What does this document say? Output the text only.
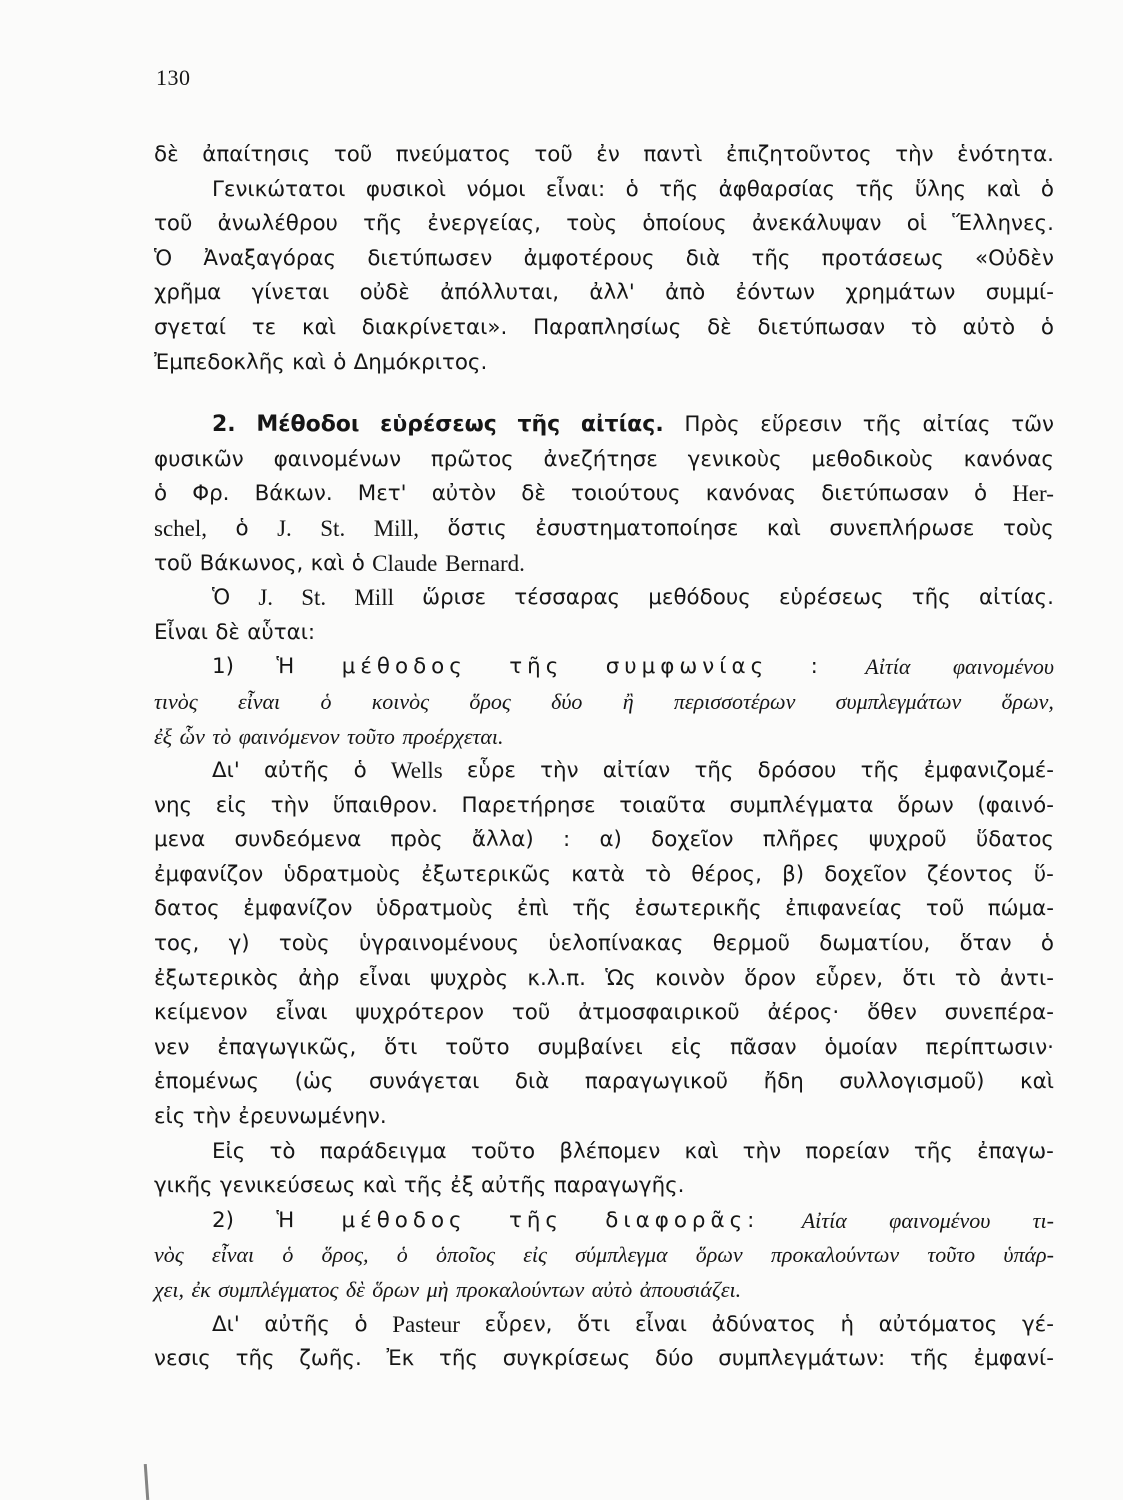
130
δὲ ἀπαίτησις τοῦ πνεύματος τοῦ ἐν παντὶ ἐπιζητοῦντος τὴν ἑνότητα.
Γενικώτατοι φυσικοὶ νόμοι εἶναι: ὁ τῆς ἀφθαρσίας τῆς ὕλης καὶ ὁ
τοῦ ἀνωλέθρου τῆς ἐνεργείας, τοὺς ὁποίους ἀνεκάλυψαν οἱ Ἕλληνες.
Ὁ Ἀναξαγόρας διετύπωσεν ἀμφοτέρους διὰ τῆς προτάσεως «Οὐδὲν
χρῆμα γίνεται οὐδὲ ἀπόλλυται, ἀλλ' ἀπὸ ἐόντων χρημάτων συμμί-
σγεταί τε καὶ διακρίνεται». Παραπλησίως δὲ διετύπωσαν τὸ αὐτὸ ὁ
Ἐμπεδοκλῆς καὶ ὁ Δημόκριτος.
2. Μέθοδοι εὑρέσεως τῆς αἰτίας. Πρὸς εὕρεσιν τῆς αἰτίας τῶν
φυσικῶν φαινομένων πρῶτος ἀνεζήτησε γενικοὺς μεθοδικοὺς κανόνας
ὁ Φρ. Βάκων. Μετ' αὐτὸν δὲ τοιούτους κανόνας διετύπωσαν ὁ Her-
schel, ὁ J. St. Mill, ὅστις ἐσυστηματοποίησε καὶ συνεπλήρωσε τοὺς
τοῦ Βάκωνος, καὶ ὁ Claude Bernard.
Ὁ J. St. Mill ὥρισε τέσσαρας μεθόδους εὑρέσεως τῆς αἰτίας.
Εἶναι δὲ αὗται:
1) Ἡ μέθοδος τῆς συμφωνίας : Αἰτία φαινομένου
τινὸς εἶναι ὁ κοινὸς ὅρος δύο ἢ περισσοτέρων συμπλεγμάτων ὅρων,
ἐξ ὧν τὸ φαινόμενον τοῦτο προέρχεται.
Δι' αὐτῆς ὁ Wells εὗρε τὴν αἰτίαν τῆς δρόσου τῆς ἐμφανιζομέ-
νης εἰς τὴν ὕπαιθρον. Παρετήρησε τοιαῦτα συμπλέγματα ὅρων (φαινό-
μενα συνδεόμενα πρὸς ἄλλα) : α) δοχεῖον πλῆρες ψυχροῦ ὕδατος
ἐμφανίζον ὑδρατμοὺς ἐξωτερικῶς κατὰ τὸ θέρος, β) δοχεῖον ζέοντος ὕ-
δατος ἐμφανίζον ὑδρατμοὺς ἐπὶ τῆς ἐσωτερικῆς ἐπιφανείας τοῦ πώμα-
τος, γ) τοὺς ὑγραινομένους ὑελοπίνακας θερμοῦ δωματίου, ὅταν ὁ
ἐξωτερικὸς ἀὴρ εἶναι ψυχρὸς κ.λ.π. Ὡς κοινὸν ὅρον εὗρεν, ὅτι τὸ ἀντι-
κείμενον εἶναι ψυχρότερον τοῦ ἀτμοσφαιρικοῦ ἀέρος· ὅθεν συνεπέρα-
νεν ἐπαγωγικῶς, ὅτι τοῦτο συμβαίνει εἰς πᾶσαν ὁμοίαν περίπτωσιν·
ἑπομένως (ὡς συνάγεται διὰ παραγωγικοῦ ἤδη συλλογισμοῦ) καὶ
εἰς τὴν ἐρευνωμένην.
Εἰς τὸ παράδειγμα τοῦτο βλέπομεν καὶ τὴν πορείαν τῆς ἐπαγω-
γικῆς γενικεύσεως καὶ τῆς ἐξ αὐτῆς παραγωγῆς.
2) Ἡ μέθοδος τῆς διαφορᾶς: Αἰτία φαινομένου τι-
νὸς εἶναι ὁ ὅρος, ὁ ὁποῖος εἰς σύμπλεγμα ὅρων προκαλούντων τοῦτο ὑπάρ-
χει, ἐκ συμπλέγματος δὲ ὅρων μὴ προκαλούντων αὐτὸ ἀπουσιάζει.
Δι' αὐτῆς ὁ Pasteur εὗρεν, ὅτι εἶναι ἀδύνατος ἡ αὐτόματος γέ-
νεσις τῆς ζωῆς. Ἐκ τῆς συγκρίσεως δύο συμπλεγμάτων: τῆς ἐμφανί-
